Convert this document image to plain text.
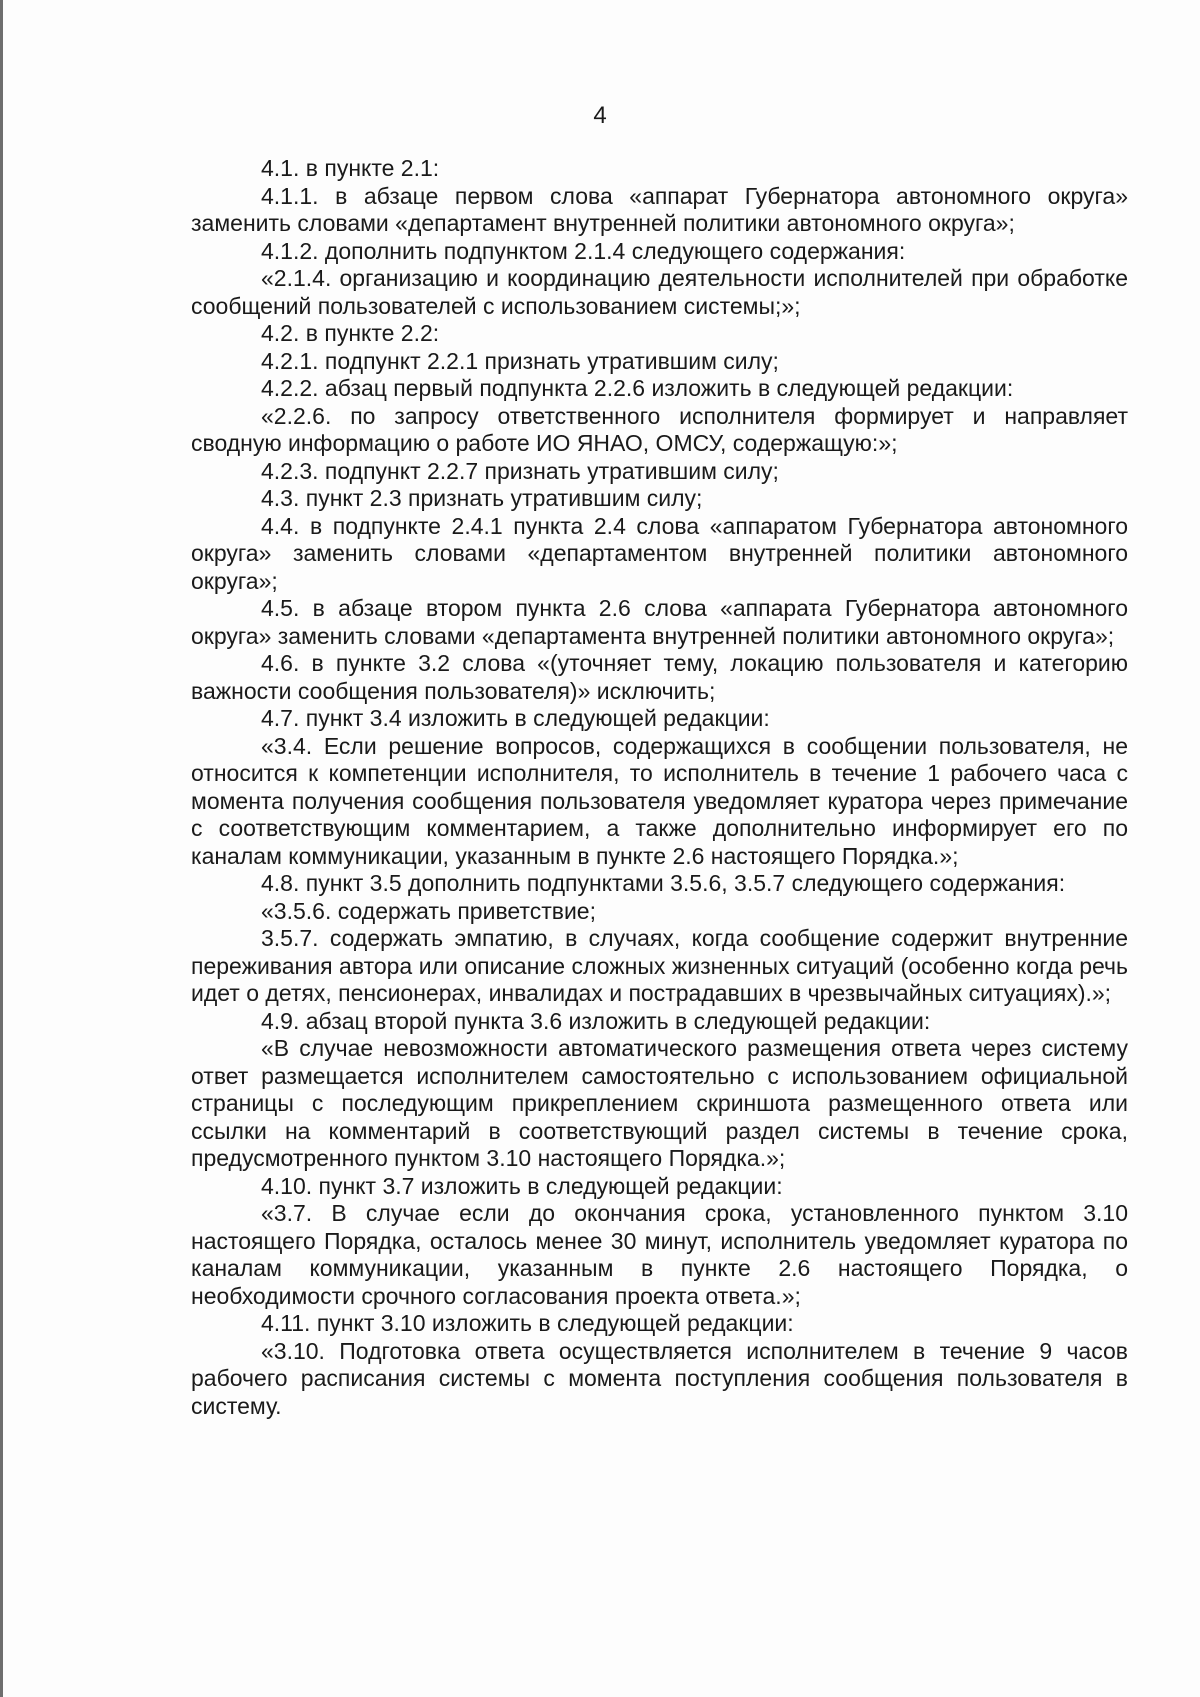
4

4.1. в пункте 2.1:

4.1.1. в абзаце первом слова «аппарат Губернатора автономного округа» заменить словами «департамент внутренней политики автономного округа»;

4.1.2. дополнить подпунктом 2.1.4 следующего содержания:

«2.1.4. организацию и координацию деятельности исполнителей при обработке сообщений пользователей с использованием системы;»;

4.2. в пункте 2.2:

4.2.1. подпункт 2.2.1 признать утратившим силу;

4.2.2. абзац первый подпункта 2.2.6 изложить в следующей редакции:

«2.2.6. по запросу ответственного исполнителя формирует и направляет сводную информацию о работе ИО ЯНАО, ОМСУ, содержащую:»;

4.2.3. подпункт 2.2.7 признать утратившим силу;

4.3. пункт 2.3 признать утратившим силу;

4.4. в подпункте 2.4.1 пункта 2.4 слова «аппаратом Губернатора автономного округа» заменить словами «департаментом внутренней политики автономного округа»;

4.5. в абзаце втором пункта 2.6 слова «аппарата Губернатора автономного округа» заменить словами «департамента внутренней политики автономного округа»;

4.6. в пункте 3.2 слова «(уточняет тему, локацию пользователя и категорию важности сообщения пользователя)» исключить;

4.7. пункт 3.4 изложить в следующей редакции:

«3.4. Если решение вопросов, содержащихся в сообщении пользователя, не относится к компетенции исполнителя, то исполнитель в течение 1 рабочего часа с момента получения сообщения пользователя уведомляет куратора через примечание с соответствующим комментарием, а также дополнительно информирует его по каналам коммуникации, указанным в пункте 2.6 настоящего Порядка.»;

4.8. пункт 3.5 дополнить подпунктами 3.5.6, 3.5.7 следующего содержания:

«3.5.6. содержать приветствие;

3.5.7. содержать эмпатию, в случаях, когда сообщение содержит внутренние переживания автора или описание сложных жизненных ситуаций (особенно когда речь идет о детях, пенсионерах, инвалидах и пострадавших в чрезвычайных ситуациях).»;

4.9. абзац второй пункта 3.6 изложить в следующей редакции:

«В случае невозможности автоматического размещения ответа через систему ответ размещается исполнителем самостоятельно с использованием официальной страницы с последующим прикреплением скриншота размещенного ответа или ссылки на комментарий в соответствующий раздел системы в течение срока, предусмотренного пунктом 3.10 настоящего Порядка.»;

4.10. пункт 3.7 изложить в следующей редакции:

«3.7. В случае если до окончания срока, установленного пунктом 3.10 настоящего Порядка, осталось менее 30 минут, исполнитель уведомляет куратора по каналам коммуникации, указанным в пункте 2.6 настоящего Порядка, о необходимости срочного согласования проекта ответа.»;

4.11. пункт 3.10 изложить в следующей редакции:

«3.10. Подготовка ответа осуществляется исполнителем в течение 9 часов рабочего расписания системы с момента поступления сообщения пользователя в систему.
